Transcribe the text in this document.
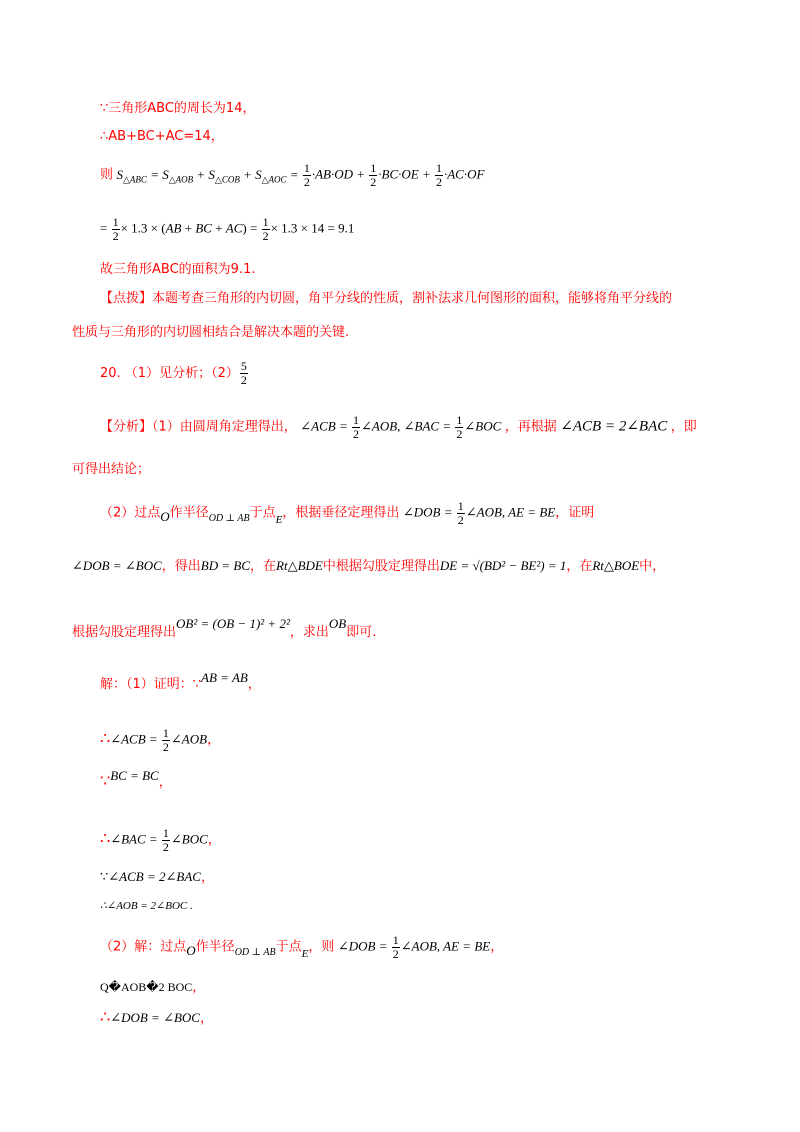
∵三角形ABC的周长为14，
∴AB+BC+AC=14，
则 $S_{\triangle ABC} = S_{\triangle AOB} + S_{\triangle COB} + S_{\triangle AOC} = \frac{1}{2} \cdot AB\cdot OD + \frac{1}{2} \cdot BC\cdot OE + \frac{1}{2} \cdot AC\cdot OF$
= $\frac{1}{2} \times 1.3 \times (AB$ + BC + $AC) = \frac{1}{2} \times 1.3 \times 14 = 9.1$
故三角形ABC的面积为9.1.
【点拨】本题考查三角形的内切圆，角平分线的性质，割补法求几何图形的面积，能够将角平分线的
性质与三角形的内切圆相结合是解决本题的关键.
20. （1）见分析；$(2) \frac{5}{2}$
【分析】（1）由圆周角定理得出， ∠ACB = $\frac{1}{2}$ ∠AOB, ∠BAC = $\frac{1}{2}$ ∠BOC ，再根据 ∠ACB = 2∠BAC ，即
可得出结论；
（2）过点O作半径$_{OD \perp AB}$于点$_E$，根据垂径定理得出 ∠DOB = $\frac{1}{2}$ ∠AOB, AE = BE，证明
∠DOB = ∠BOC，得出BD = BC，在Rt△BDE中根据勾股定理得出DE = √(BD² − BE²) = 1，在Rt△BOE中，
根据勾股定理得出OB² = (OB − 1)² + 2²，求出OB即可.
解：（1）证明：∵AB = AB，
∴∠ACB = $\frac{1}{2}$ ∠AOB，
∵BC = BC，
∴∠BAC = $\frac{1}{2}$ ∠BOC，
∵∠ACB = 2∠BAC，
∴∠AOB = 2∠BOC .
（2）解：过点O作半径$_{OD \perp AB}$于点$_E$，则 ∠DOB = $\frac{1}{2}$ ∠AOB, AE = BE，
Q�AOB�2 BOC，
∴∠DOB = ∠BOC，
